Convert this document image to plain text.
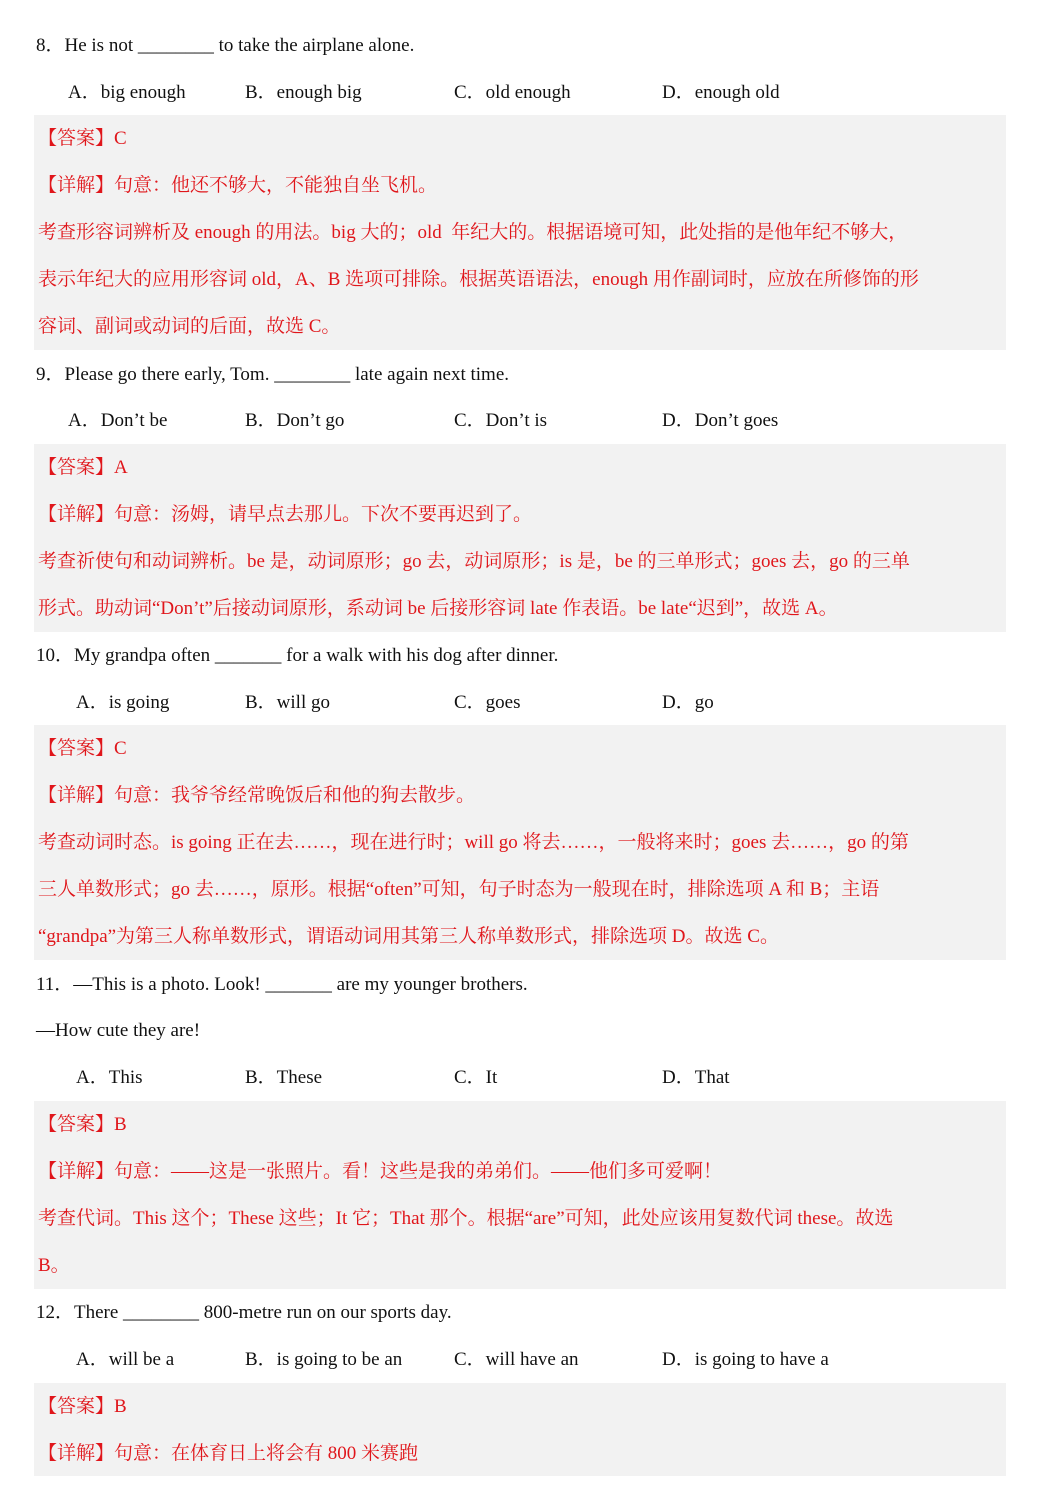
8．He is not ________ to take the airplane alone.
A．big enough	B．enough big	C．old enough	D．enough old
【答案】C
【详解】句意：他还不够大，不能独自坐飞机。
考查形容词辨析及 enough 的用法。big 大的；old  年纪大的。根据语境可知，此处指的是他年纪不够大，
表示年纪大的应用形容词 old，A、B 选项可排除。根据英语语法，enough 用作副词时，应放在所修饰的形
容词、副词或动词的后面，故选 C。
9．Please go there early, Tom. ________ late again next time.
A．Don’t be	B．Don’t go	C．Don’t is	D．Don’t goes
【答案】A
【详解】句意：汤姆，请早点去那儿。下次不要再迟到了。
考查祈使句和动词辨析。be 是，动词原形；go 去，动词原形；is 是，be 的三单形式；goes 去，go 的三单
形式。助动词“Don’t”后接动词原形，系动词 be 后接形容词 late 作表语。be late“迟到”，故选 A。
10．My grandpa often _______ for a walk with his dog after dinner.
A．is going	B．will go	C．goes	D．go
【答案】C
【详解】句意：我爷爷经常晚饭后和他的狗去散步。
考查动词时态。is going 正在去……，现在进行时；will go 将去……，一般将来时；goes 去……，go 的第
三人单数形式；go 去……，原形。根据“often”可知，句子时态为一般现在时，排除选项 A 和 B；主语
“grandpa”为第三人称单数形式，谓语动词用其第三人称单数形式，排除选项 D。故选 C。
11．—This is a photo. Look! _______ are my younger brothers.
—How cute they are!
A．This	B．These	C．It	D．That
【答案】B
【详解】句意：——这是一张照片。看！这些是我的弟弟们。——他们多可爱啊！
考查代词。This 这个；These 这些；It 它；That 那个。根据“are”可知，此处应该用复数代词 these。故选
B。
12．There ________ 800-metre run on our sports day.
A．will be a	B．is going to be an	C．will have an	D．is going to have a
【答案】B
【详解】句意：在体育日上将会有 800 米赛跑
